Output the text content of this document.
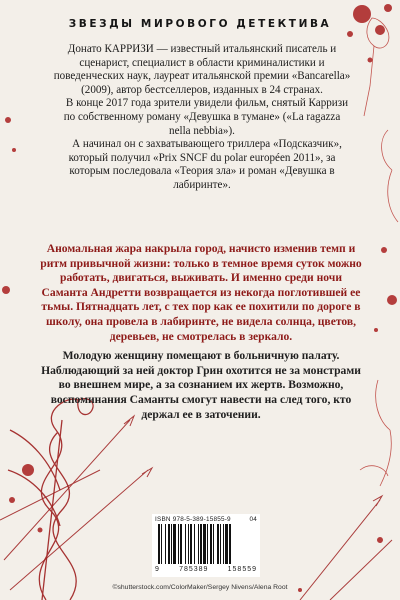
ЗВЕЗДЫ МИРОВОГО ДЕТЕКТИВА

Донато КАРРИЗИ — известный итальянский писатель и сценарист, специалист в области криминалистики и поведенческих наук, лауреат итальянской премии «Bancarella» (2009), автор бестселлеров, изданных в 24 странах.

В конце 2017 года зрители увидели фильм, снятый Карризи по собственному роману «Девушка в тумане» («La ragazza nella nebbia»).

А начинал он с захватывающего триллера «Подсказчик», который получил «Prix SNCF du polar européen 2011», за которым последовала «Теория зла» и роман «Девушка в лабиринте».

Аномальная жара накрыла город, начисто изменив темп и ритм привычной жизни: только в темное время суток можно работать, двигаться, выживать. И именно среди ночи Саманта Андретти возвращается из некогда поглотившей ее тьмы. Пятнадцать лет, с тех пор как ее похитили по дороге в школу, она провела в лабиринте, не видела солнца, цветов, деревьев, не смотрелась в зеркало.

Молодую женщину помещают в больничную палату. Наблюдающий за ней доктор Грин охотится не за монстрами во внешнем мире, а за сознанием их жертв. Возможно, воспоминания Саманты смогут навести на след того, кто держал ее в заточении.

ISBN 978-5-389-15855-9	04
9	785389	158559
©shutterstock.com/ColorMaker/Sergey Nivens/Alena Root
